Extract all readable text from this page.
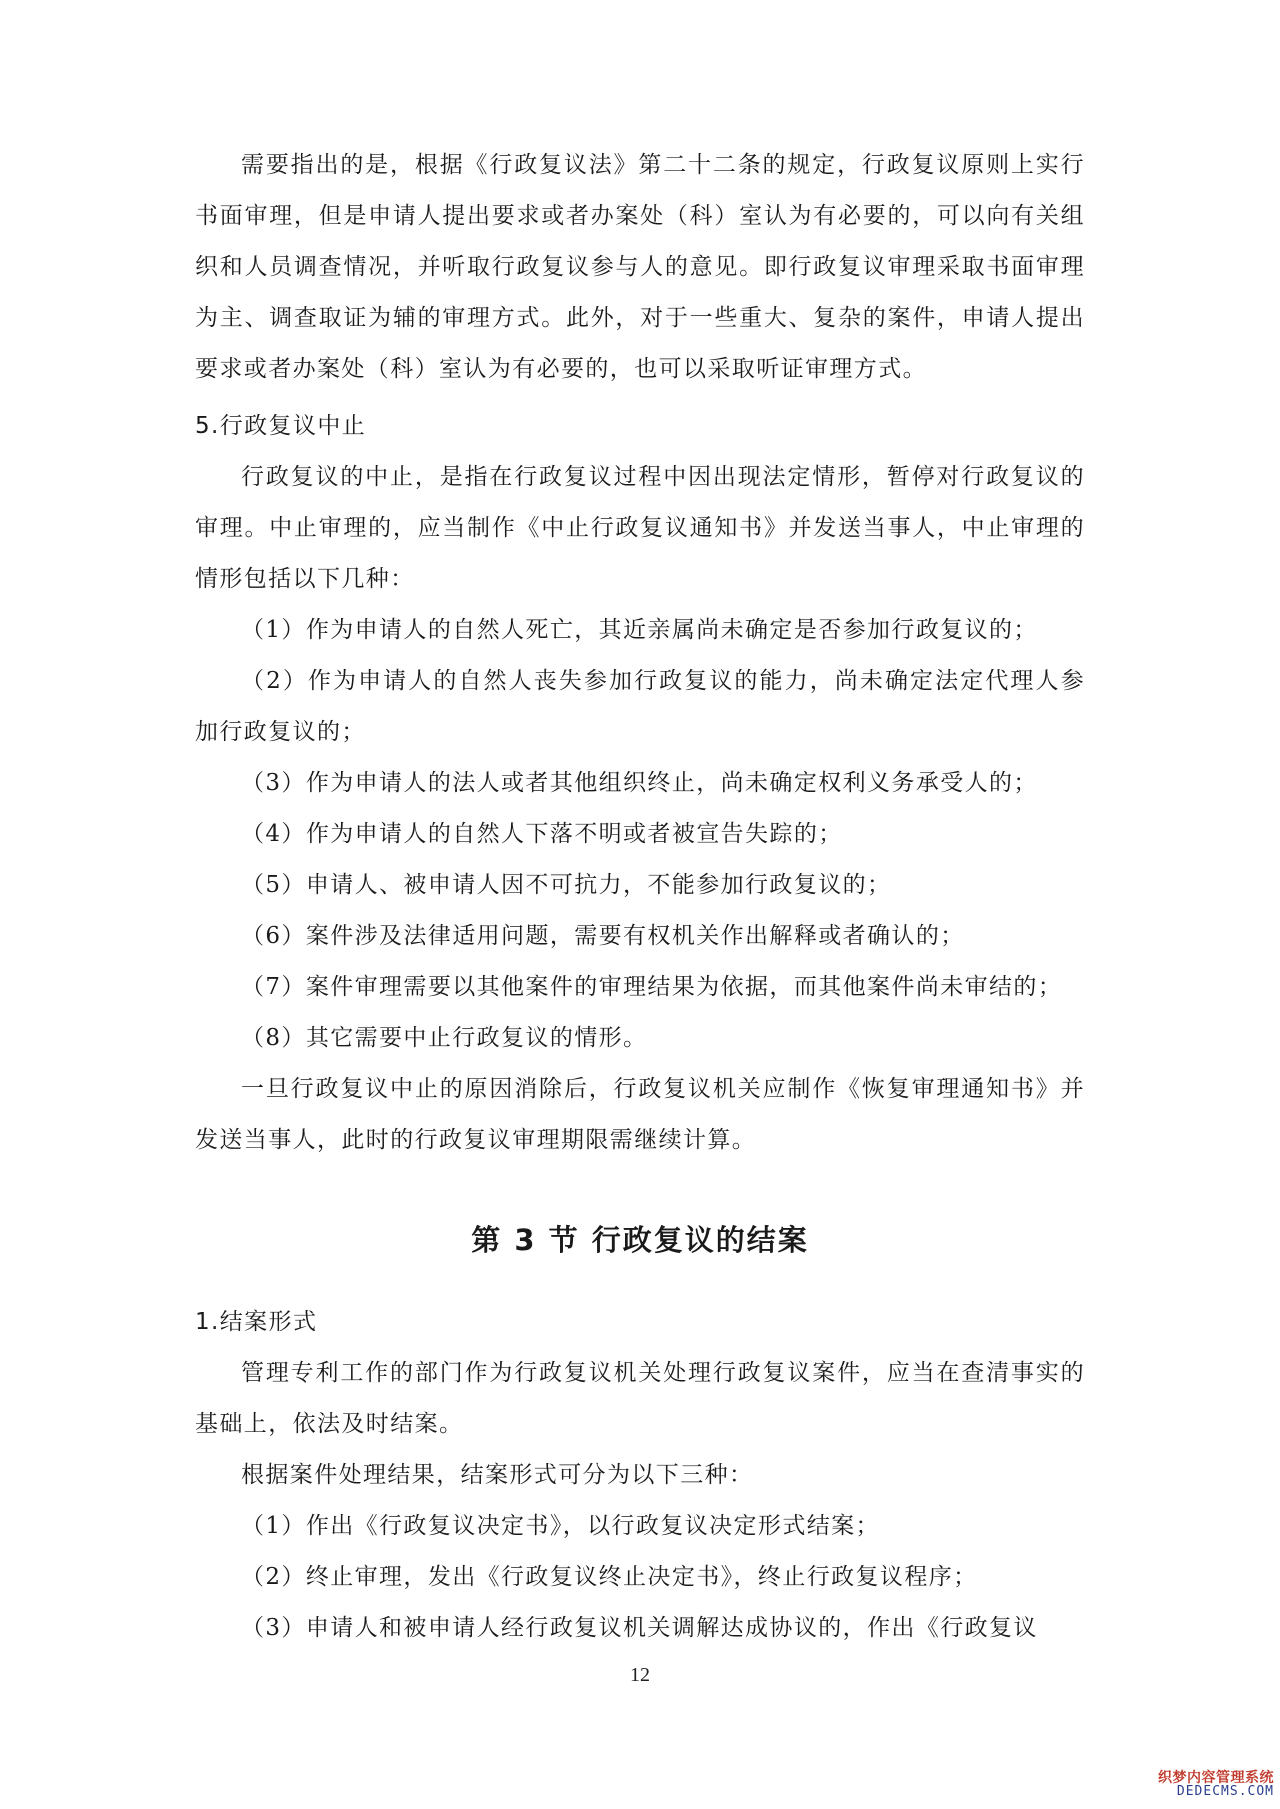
需要指出的是，根据《行政复议法》第二十二条的规定，行政复议原则上实行书面审理，但是申请人提出要求或者办案处（科）室认为有必要的，可以向有关组织和人员调查情况，并听取行政复议参与人的意见。即行政复议审理采取书面审理为主、调查取证为辅的审理方式。此外，对于一些重大、复杂的案件，申请人提出要求或者办案处（科）室认为有必要的，也可以采取听证审理方式。

5.行政复议中止

行政复议的中止，是指在行政复议过程中因出现法定情形，暂停对行政复议的审理。中止审理的，应当制作《中止行政复议通知书》并发送当事人，中止审理的情形包括以下几种：

（1）作为申请人的自然人死亡，其近亲属尚未确定是否参加行政复议的；

（2）作为申请人的自然人丧失参加行政复议的能力，尚未确定法定代理人参加行政复议的；

（3）作为申请人的法人或者其他组织终止，尚未确定权利义务承受人的；

（4）作为申请人的自然人下落不明或者被宣告失踪的；

（5）申请人、被申请人因不可抗力，不能参加行政复议的；

（6）案件涉及法律适用问题，需要有权机关作出解释或者确认的；

（7）案件审理需要以其他案件的审理结果为依据，而其他案件尚未审结的；

（8）其它需要中止行政复议的情形。

一旦行政复议中止的原因消除后，行政复议机关应制作《恢复审理通知书》并发送当事人，此时的行政复议审理期限需继续计算。

第 3 节 行政复议的结案
1.结案形式

管理专利工作的部门作为行政复议机关处理行政复议案件，应当在查清事实的基础上，依法及时结案。

根据案件处理结果，结案形式可分为以下三种：

（1）作出《行政复议决定书》，以行政复议决定形式结案；

（2）终止审理，发出《行政复议终止决定书》，终止行政复议程序；

（3）申请人和被申请人经行政复议机关调解达成协议的，作出《行政复议

12
织梦内容管理系统
DEDECMS.COM
